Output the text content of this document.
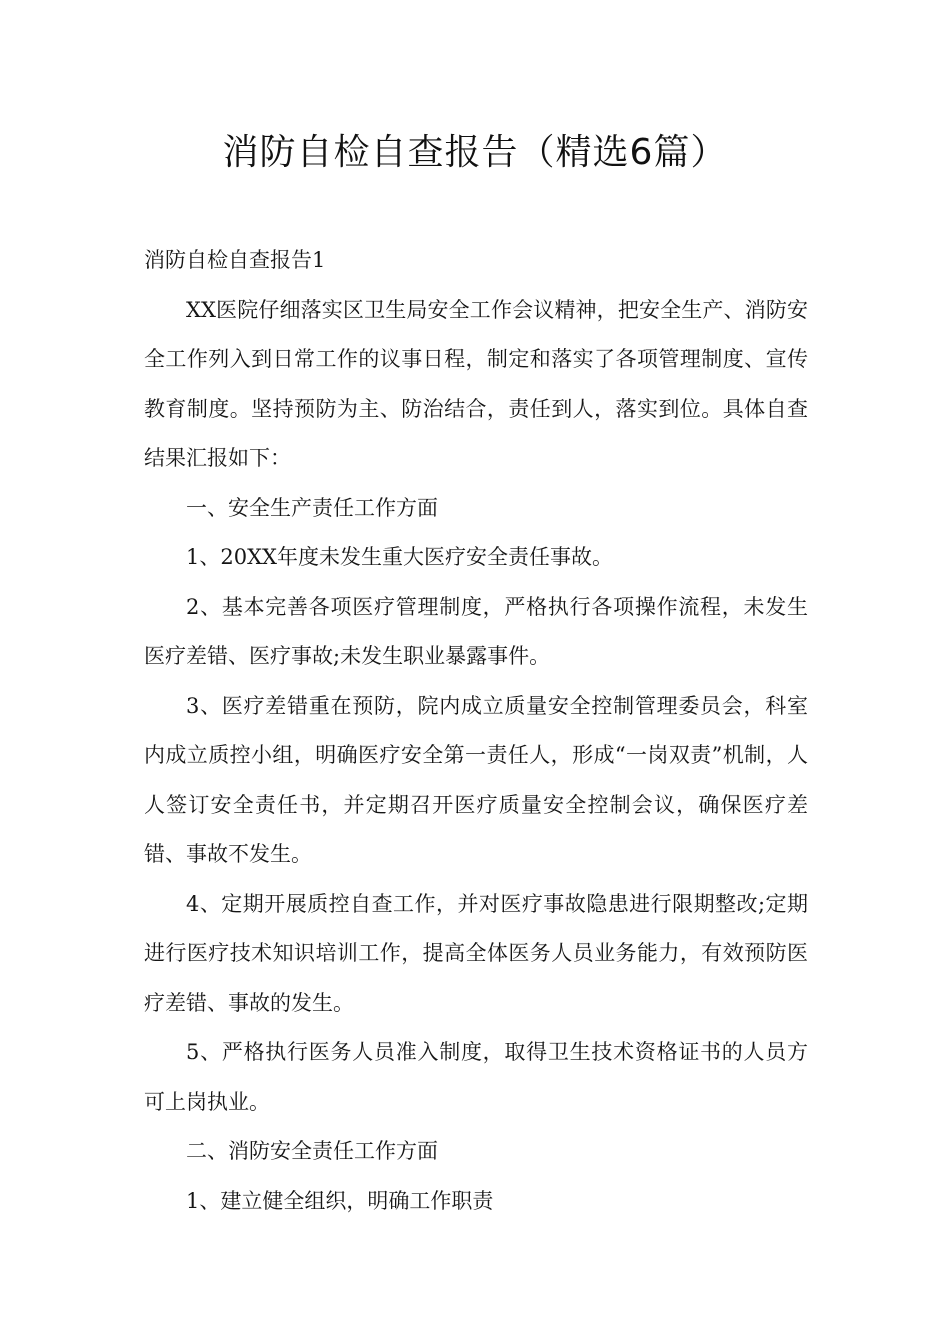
消防自检自查报告（精选6篇）

消防自检自查报告1

XX医院仔细落实区卫生局安全工作会议精神，把安全生产、消防安全工作列入到日常工作的议事日程，制定和落实了各项管理制度、宣传教育制度。坚持预防为主、防治结合，责任到人，落实到位。具体自查结果汇报如下：

一、安全生产责任工作方面

1、20XX年度未发生重大医疗安全责任事故。

2、基本完善各项医疗管理制度，严格执行各项操作流程，未发生医疗差错、医疗事故;未发生职业暴露事件。

3、医疗差错重在预防，院内成立质量安全控制管理委员会，科室内成立质控小组，明确医疗安全第一责任人，形成“一岗双责”机制，人人签订安全责任书，并定期召开医疗质量安全控制会议，确保医疗差错、事故不发生。

4、定期开展质控自查工作，并对医疗事故隐患进行限期整改;定期进行医疗技术知识培训工作，提高全体医务人员业务能力，有效预防医疗差错、事故的发生。

5、严格执行医务人员准入制度，取得卫生技术资格证书的人员方可上岗执业。

二、消防安全责任工作方面

1、建立健全组织，明确工作职责
